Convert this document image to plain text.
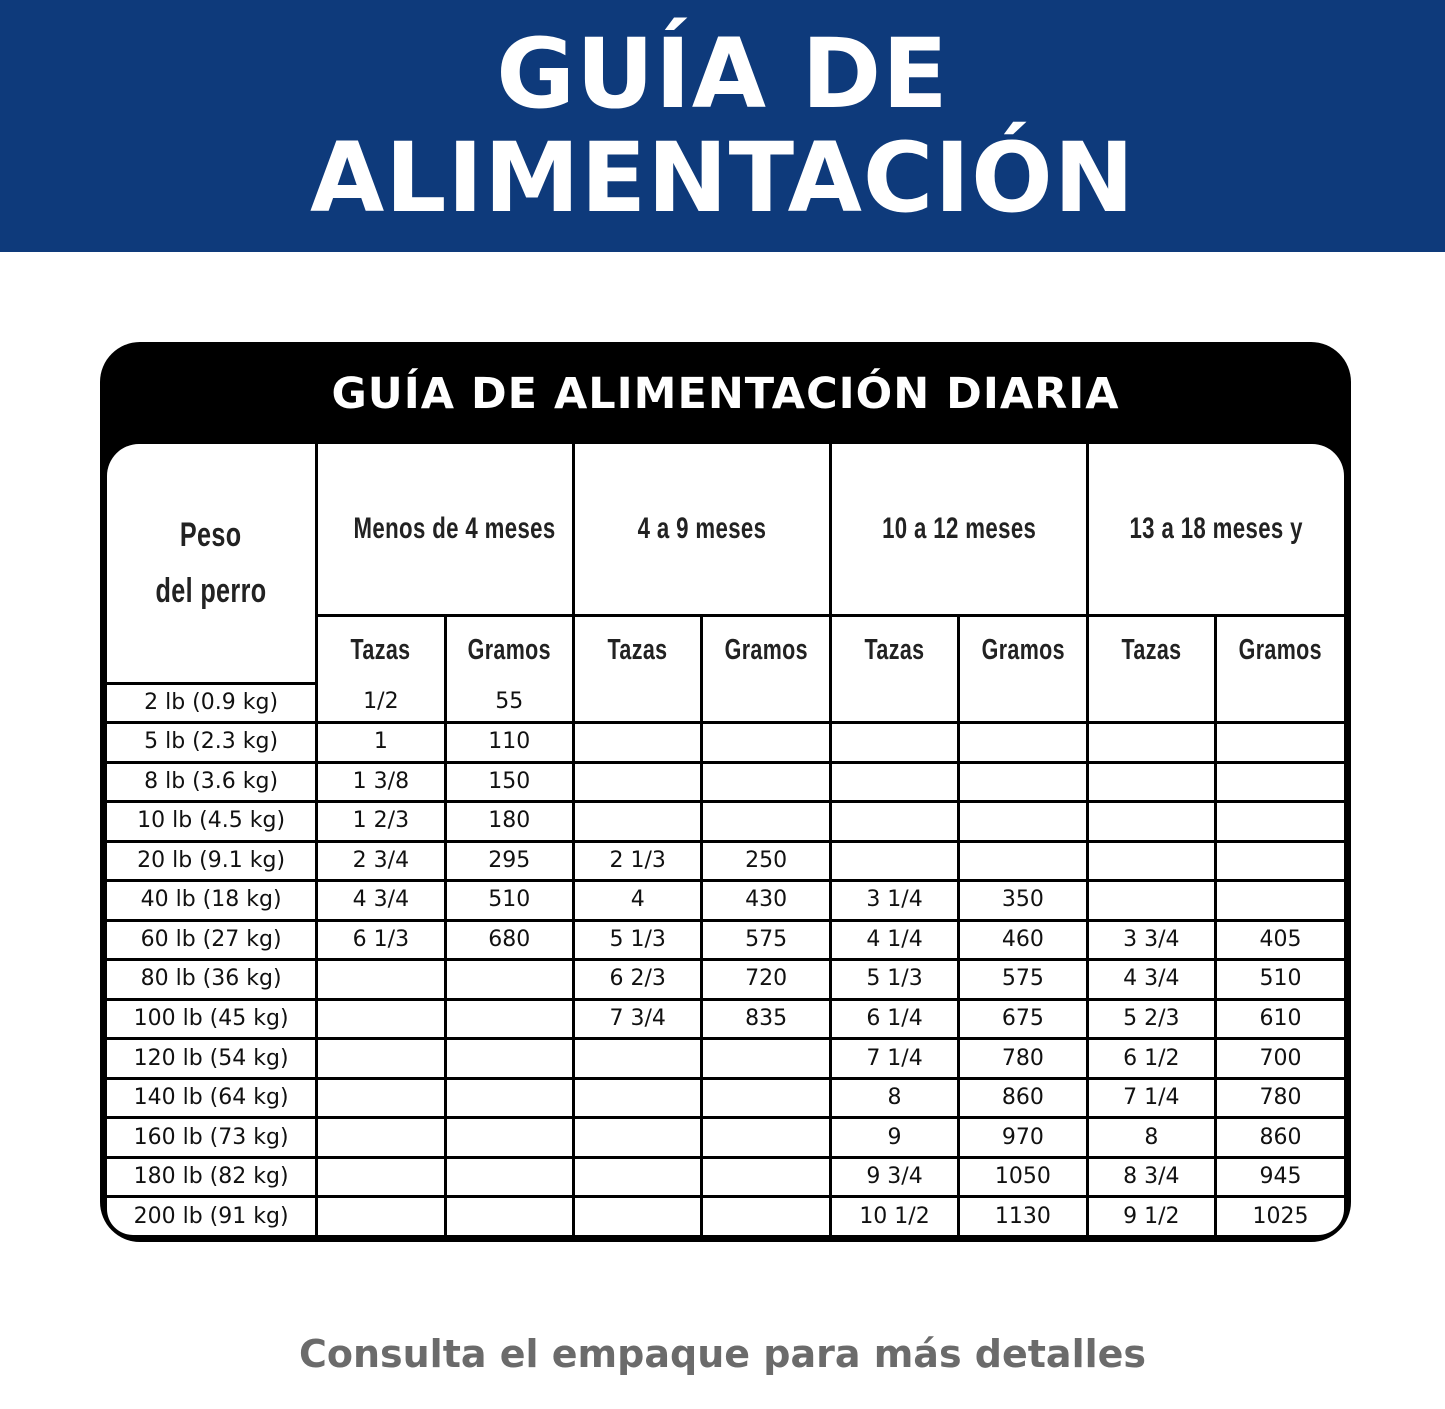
GUÍA DE
ALIMENTACIÓN
GUÍA DE ALIMENTACIÓN DIARIA
Peso
del perro	Menos de 4 meses		4 a 9 meses		10 a 12 meses		13 a 18 meses y	
	Tazas	Gramos	Tazas	Gramos	Tazas	Gramos	Tazas	Gramos
2 lb (0.9 kg)	1/2	55						
5 lb (2.3 kg)	1	110						
8 lb (3.6 kg)	1 3/8	150						
10 lb (4.5 kg)	1 2/3	180						
20 lb (9.1 kg)	2 3/4	295	2 1/3	250				
40 lb (18 kg)	4 3/4	510	4	430	3 1/4	350		
60 lb (27 kg)	6 1/3	680	5 1/3	575	4 1/4	460	3 3/4	405
80 lb (36 kg)			6 2/3	720	5 1/3	575	4 3/4	510
100 lb (45 kg)			7 3/4	835	6 1/4	675	5 2/3	610
120 lb (54 kg)					7 1/4	780	6 1/2	700
140 lb (64 kg)					8	860	7 1/4	780
160 lb (73 kg)					9	970	8	860
180 lb (82 kg)					9 3/4	1050	8 3/4	945
200 lb (91 kg)					10 1/2	1130	9 1/2	1025
Consulta el empaque para más detalles
